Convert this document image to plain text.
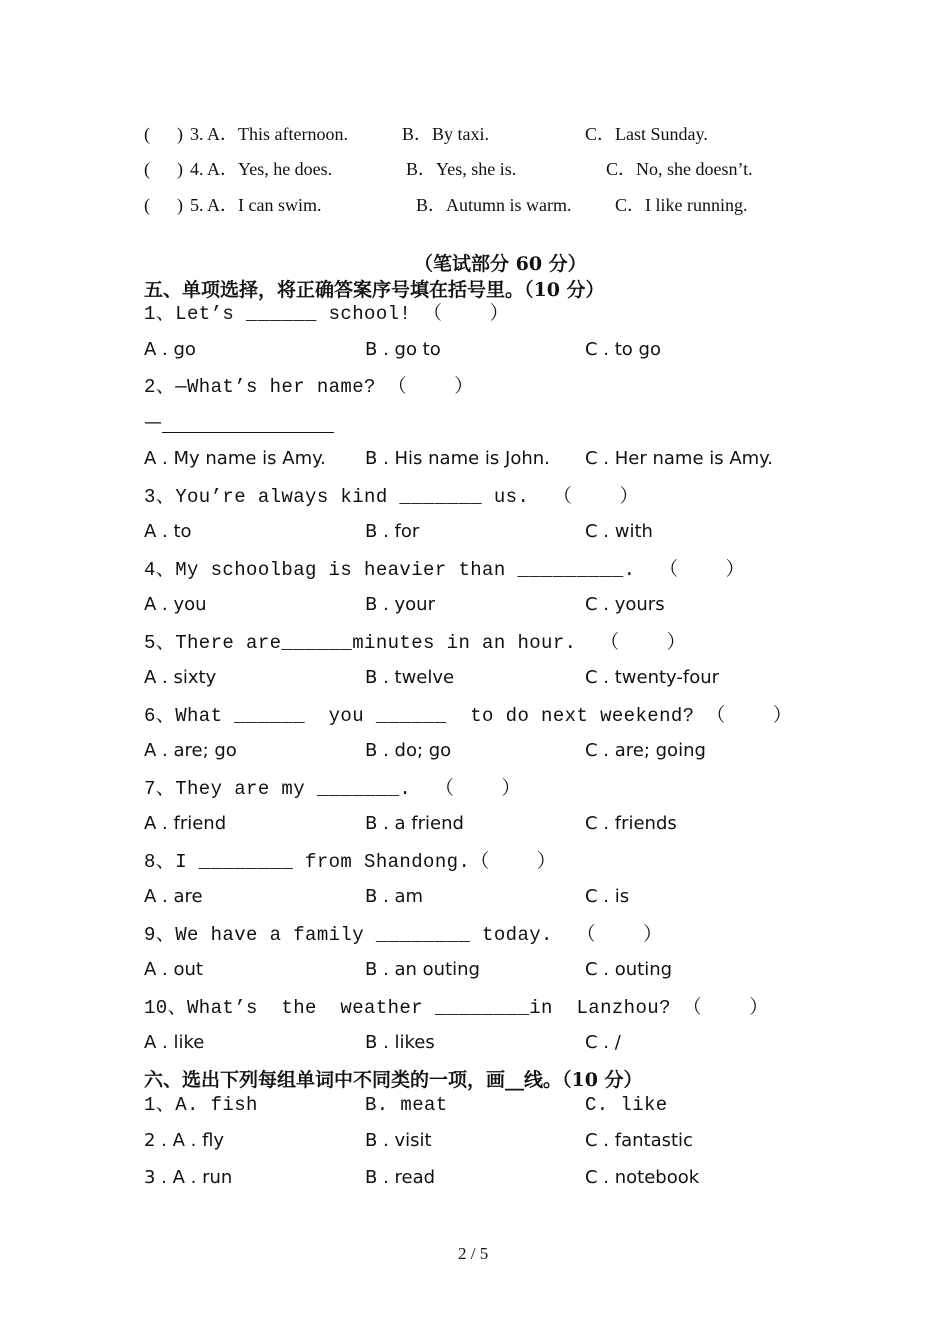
(      ) 3. A．This afternoon.	B．By taxi.	C．Last Sunday.
(      ) 4. A．Yes, he does.	B．Yes, she is.	C．No, she doesn’t.
(      ) 5. A．I can swim.	B．Autumn is warm. C．I like running.
（笔试部分 60 分）
五、单项选择，将正确答案序号填在括号里。（10 分）
1、Let’s ______ school! （    ）
A . go	B . go to	C . to go
2、—What’s her name? （    ）
—
A . My name is Amy. B . His name is John. C . Her name is Amy.
3、You’re always kind _______ us.  （    ）
A . to	B . for	C . with
4、My schoolbag is heavier than _________.  （    ）
A . you	B . your	C . yours
5、There are______minutes in an hour.  （    ）
A . sixty	B . twelve	C . twenty-four
6、What ______  you ______  to do next weekend? （    ）
A . are; go	B . do; go	C . are; going
7、They are my _______.  （    ）
A . friend	B . a friend	C . friends
8、I ________ from Shandong.（    ）
A . are	B . am	C . is
9、We have a family ________ today.  （    ）
A . out	B . an outing	C . outing
10、What’s  the  weather ________in  Lanzhou? （    ）
A . like	B . likes	C . /
六、选出下列每组单词中不同类的一项，画__线。（10 分）
1、A. fish	B. meat	C. like
2 . A . fly	B . visit	C . fantastic
3 . A . run	B . read	C . notebook
2 / 5
